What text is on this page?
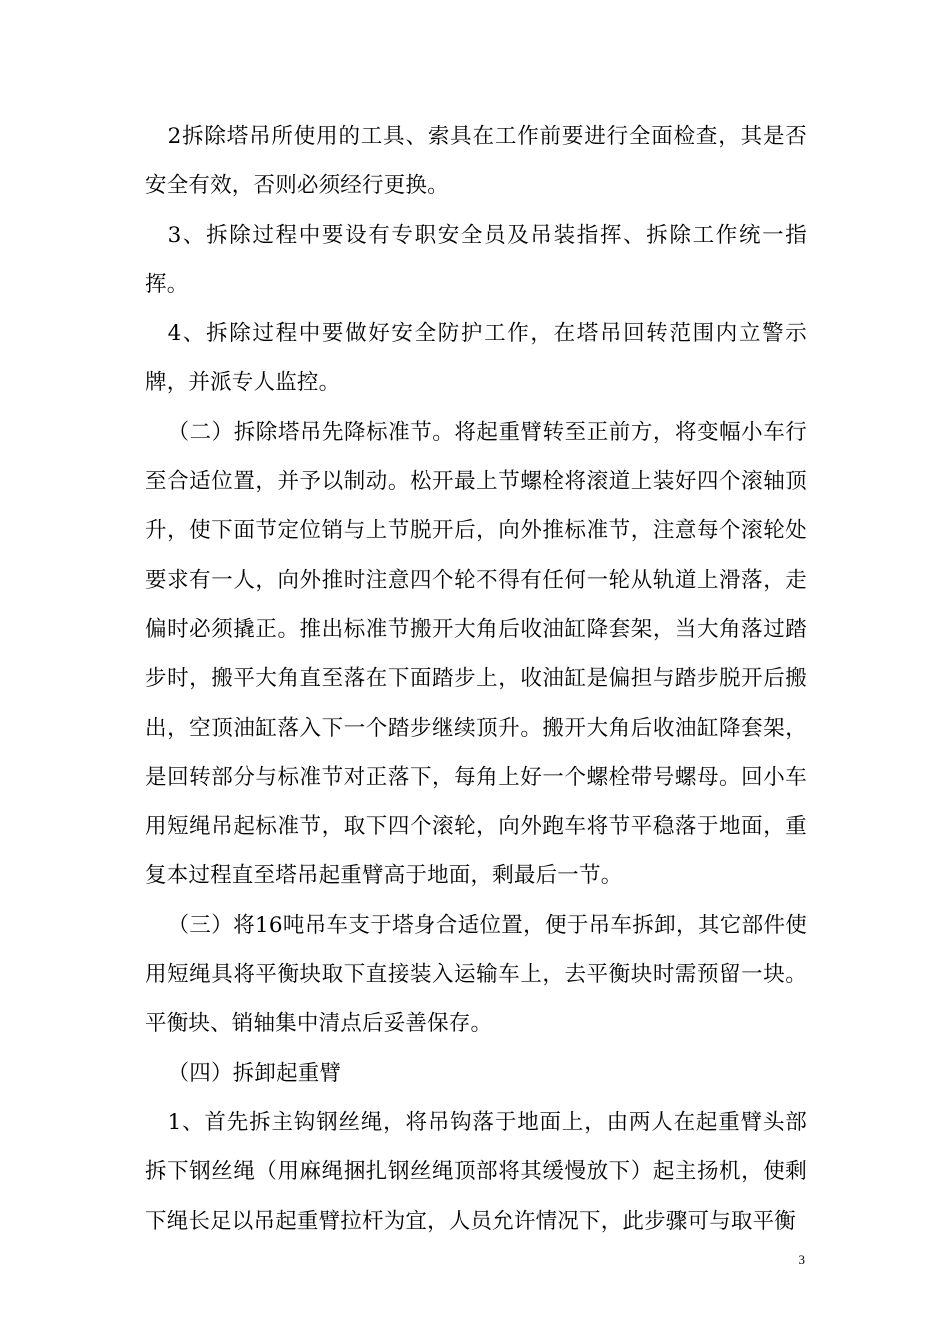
2拆除塔吊所使用的工具、索具在工作前要进行全面检查，其是否安全有效，否则必须经行更换。

3、拆除过程中要设有专职安全员及吊装指挥、拆除工作统一指挥。

4、拆除过程中要做好安全防护工作，在塔吊回转范围内立警示牌，并派专人监控。

（二）拆除塔吊先降标准节。将起重臂转至正前方，将变幅小车行至合适位置，并予以制动。松开最上节螺栓将滚道上装好四个滚轴顶升，使下面节定位销与上节脱开后，向外推标准节，注意每个滚轮处要求有一人，向外推时注意四个轮不得有任何一轮从轨道上滑落，走偏时必须撬正。推出标准节搬开大角后收油缸降套架，当大角落过踏步时，搬平大角直至落在下面踏步上，收油缸是偏担与踏步脱开后搬出，空顶油缸落入下一个踏步继续顶升。搬开大角后收油缸降套架，是回转部分与标准节对正落下，每角上好一个螺栓带号螺母。回小车用短绳吊起标准节，取下四个滚轮，向外跑车将节平稳落于地面，重复本过程直至塔吊起重臂高于地面，剩最后一节。

（三）将16吨吊车支于塔身合适位置，便于吊车拆卸，其它部件使用短绳具将平衡块取下直接装入运输车上，去平衡块时需预留一块。平衡块、销轴集中清点后妥善保存。

（四）拆卸起重臂

1、首先拆主钩钢丝绳，将吊钩落于地面上，由两人在起重臂头部拆下钢丝绳（用麻绳捆扎钢丝绳顶部将其缓慢放下）起主扬机，使剩下绳长足以吊起重臂拉杆为宜，人员允许情况下，此步骤可与取平衡

3
